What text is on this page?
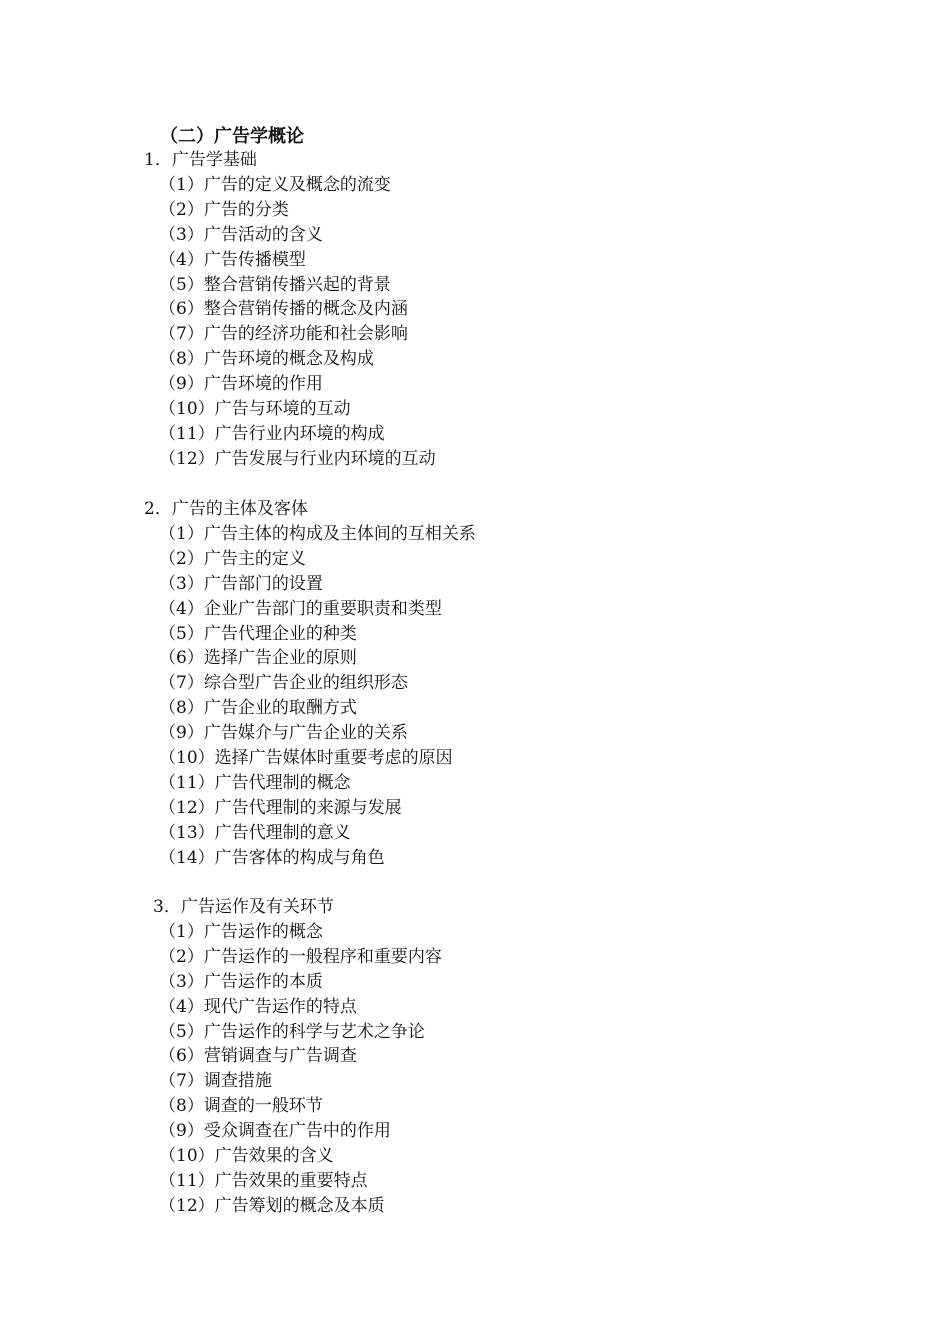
（二）广告学概论
1．广告学基础
（1）广告的定义及概念的流变
（2）广告的分类
（3）广告活动的含义
（4）广告传播模型
（5）整合营销传播兴起的背景
（6）整合营销传播的概念及内涵
（7）广告的经济功能和社会影响
（8）广告环境的概念及构成
（9）广告环境的作用
（10）广告与环境的互动
（11）广告行业内环境的构成
（12）广告发展与行业内环境的互动
2．广告的主体及客体
（1）广告主体的构成及主体间的互相关系
（2）广告主的定义
（3）广告部门的设置
（4）企业广告部门的重要职责和类型
（5）广告代理企业的种类
（6）选择广告企业的原则
（7）综合型广告企业的组织形态
（8）广告企业的取酬方式
（9）广告媒介与广告企业的关系
（10）选择广告媒体时重要考虑的原因
（11）广告代理制的概念
（12）广告代理制的来源与发展
（13）广告代理制的意义
（14）广告客体的构成与角色
3．广告运作及有关环节
（1）广告运作的概念
（2）广告运作的一般程序和重要内容
（3）广告运作的本质
（4）现代广告运作的特点
（5）广告运作的科学与艺术之争论
（6）营销调查与广告调查
（7）调查措施
（8）调查的一般环节
（9）受众调查在广告中的作用
（10）广告效果的含义
（11）广告效果的重要特点
（12）广告筹划的概念及本质
